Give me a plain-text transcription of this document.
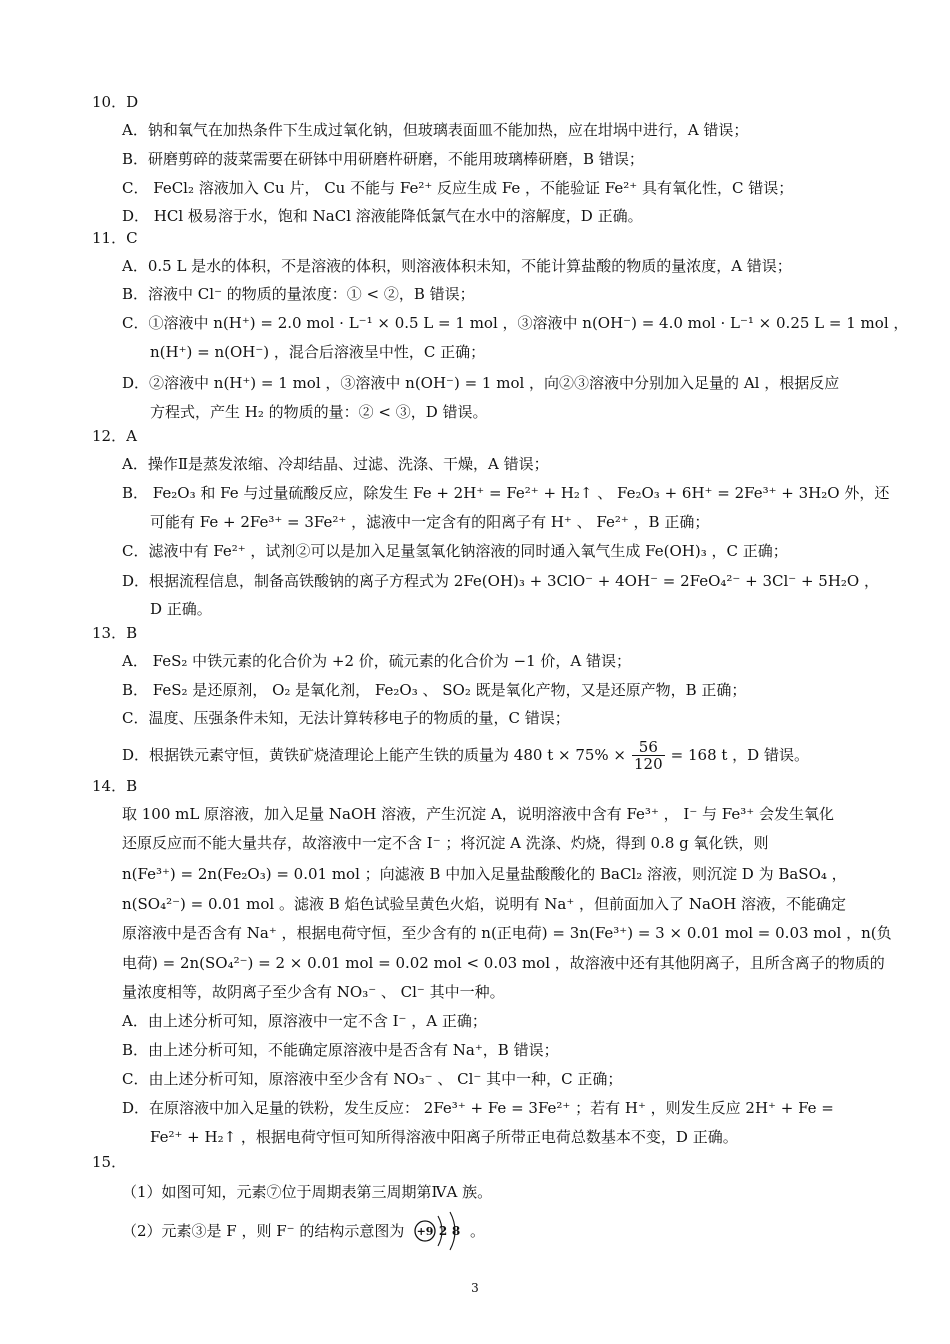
10．D
A．钠和氧气在加热条件下生成过氧化钠，但玻璃表面皿不能加热，应在坩埚中进行，A 错误；
B．研磨剪碎的菠菜需要在研钵中用研磨杵研磨，不能用玻璃棒研磨，B 错误；
C． FeCl₂ 溶液加入 Cu 片， Cu 不能与 Fe²⁺ 反应生成 Fe ，不能验证 Fe²⁺ 具有氧化性，C 错误；
D． HCl 极易溶于水，饱和 NaCl 溶液能降低氯气在水中的溶解度，D 正确。
11．C
A．0.5 L 是水的体积，不是溶液的体积，则溶液体积未知，不能计算盐酸的物质的量浓度，A 错误；
B．溶液中 Cl⁻ 的物质的量浓度：① < ②，B 错误；
C．①溶液中 n(H⁺) = 2.0 mol · L⁻¹ × 0.5 L = 1 mol ，③溶液中 n(OH⁻) = 4.0 mol · L⁻¹ × 0.25 L = 1 mol ，
n(H⁺) = n(OH⁻) ，混合后溶液呈中性，C 正确；
D．②溶液中 n(H⁺) = 1 mol ，③溶液中 n(OH⁻) = 1 mol ，向②③溶液中分别加入足量的 Al ，根据反应
方程式，产生 H₂ 的物质的量：② < ③，D 错误。
12．A
A．操作Ⅱ是蒸发浓缩、冷却结晶、过滤、洗涤、干燥，A 错误；
B． Fe₂O₃ 和 Fe 与过量硫酸反应，除发生 Fe + 2H⁺ = Fe²⁺ + H₂↑ 、 Fe₂O₃ + 6H⁺ = 2Fe³⁺ + 3H₂O 外，还
可能有 Fe + 2Fe³⁺ = 3Fe²⁺ ，滤液中一定含有的阳离子有 H⁺ 、 Fe²⁺ ，B 正确；
C．滤液中有 Fe²⁺ ，试剂②可以是加入足量氢氧化钠溶液的同时通入氧气生成 Fe(OH)₃ ，C 正确；
D．根据流程信息，制备高铁酸钠的离子方程式为 2Fe(OH)₃ + 3ClO⁻ + 4OH⁻ = 2FeO₄²⁻ + 3Cl⁻ + 5H₂O ，
D 正确。
13．B
A． FeS₂ 中铁元素的化合价为 +2 价，硫元素的化合价为 −1 价，A 错误；
B． FeS₂ 是还原剂， O₂ 是氧化剂， Fe₂O₃ 、 SO₂ 既是氧化产物，又是还原产物，B 正确；
C．温度、压强条件未知，无法计算转移电子的物质的量，C 错误；
D．根据铁元素守恒，黄铁矿烧渣理论上能产生铁的质量为 480 $t \times 75\% \times \frac{56}{120} = 168$ t ，D 错误。
14．B
取 100 mL 原溶液，加入足量 NaOH 溶液，产生沉淀 A，说明溶液中含有 Fe³⁺ ， I⁻ 与 Fe³⁺ 会发生氧化
还原反应而不能大量共存，故溶液中一定不含 I⁻ ；将沉淀 A 洗涤、灼烧，得到 0.8 g 氧化铁，则
n(Fe³⁺) = 2n(Fe₂O₃) = 0.01 mol ；向滤液 B 中加入足量盐酸酸化的 BaCl₂ 溶液，则沉淀 D 为 BaSO₄ ，
n(SO₄²⁻) = 0.01 mol 。滤液 B 焰色试验呈黄色火焰，说明有 Na⁺ ，但前面加入了 NaOH 溶液，不能确定
原溶液中是否含有 Na⁺ ，根据电荷守恒，至少含有的 n(正电荷) = 3n(Fe³⁺) = 3 × 0.01 mol = 0.03 mol ，n(负
电荷) = 2n(SO₄²⁻) = 2 × 0.01 mol = 0.02 mol < 0.03 mol ，故溶液中还有其他阴离子，且所含离子的物质的
量浓度相等，故阴离子至少含有 NO₃⁻ 、 Cl⁻ 其中一种。
A．由上述分析可知，原溶液中一定不含 I⁻ ，A 正确；
B．由上述分析可知，不能确定原溶液中是否含有 Na⁺，B 错误；
C．由上述分析可知，原溶液中至少含有 NO₃⁻ 、 Cl⁻ 其中一种，C 正确；
D．在原溶液中加入足量的铁粉，发生反应： 2Fe³⁺ + Fe = 3Fe²⁺ ；若有 H⁺ ，则发生反应 2H⁺ + Fe =
Fe²⁺ + H₂↑ ，根据电荷守恒可知所得溶液中阳离子所带正电荷总数基本不变，D 正确。
15．
（1）如图可知，元素⑦位于周期表第三周期第ⅣA 族。
（2）元素③是 F ，则 F⁻ 的结构示意图为 +9 2 8 。
3
